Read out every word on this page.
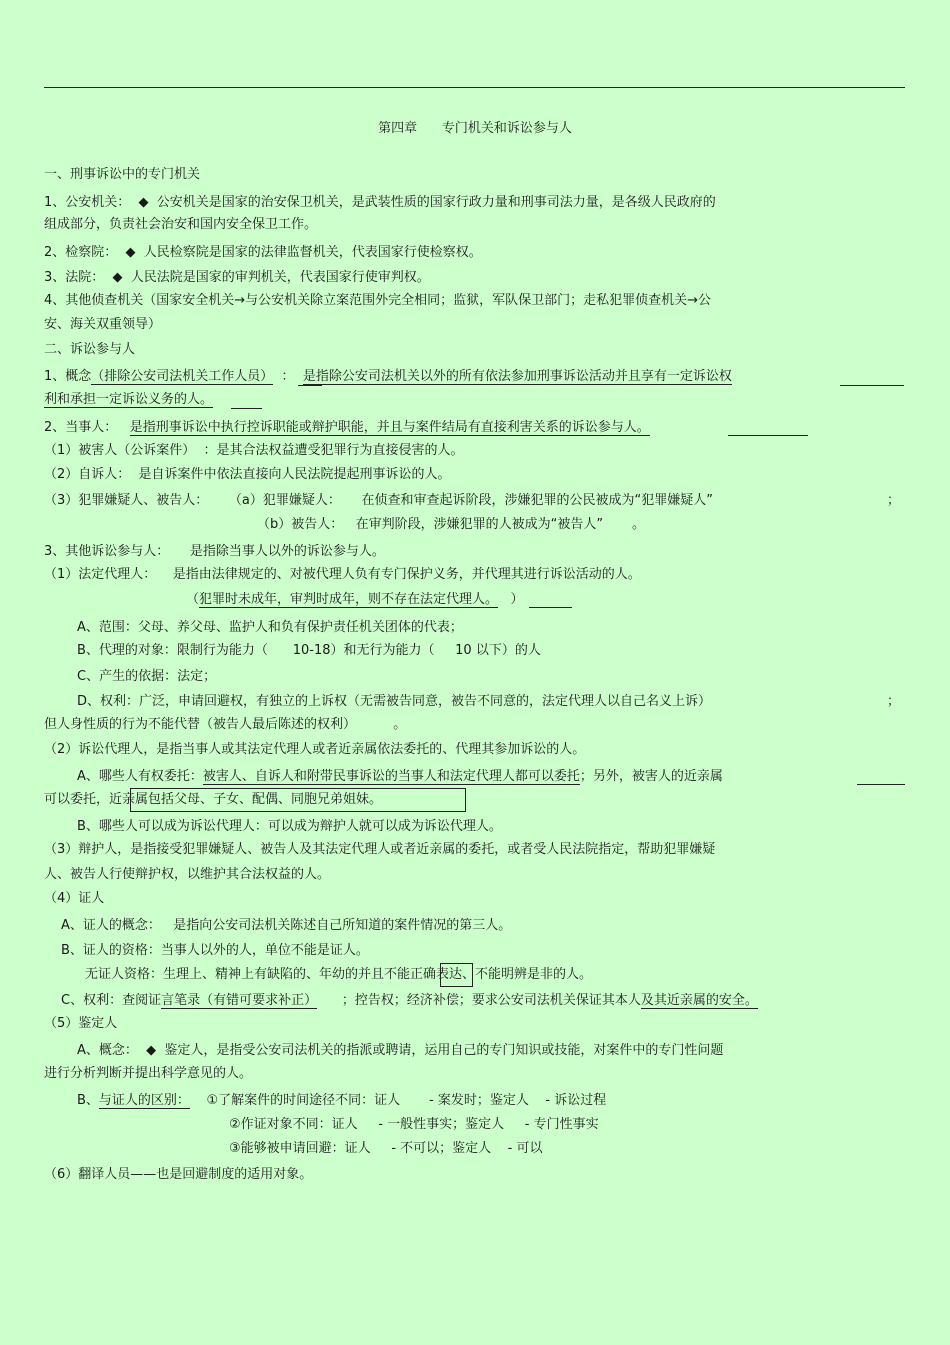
第四章      专门机关和诉讼参与人
一、刑事诉讼中的专门机关
1、公安机关：  ◆  公安机关是国家的治安保卫机关，是武装性质的国家行政力量和刑事司法力量，是各级人民政府的
组成部分，负责社会治安和国内安全保卫工作。
2、检察院：  ◆  人民检察院是国家的法律监督机关，代表国家行使检察权。
3、法院：  ◆  人民法院是国家的审判机关，代表国家行使审判权。
4、其他侦查机关（国家安全机关→与公安机关除立案范围外完全相同；监狱，军队保卫部门；走私犯罪侦查机关→公
安、海关双重领导）
二、诉讼参与人
1、概念（排除公安司法机关工作人员）  ： 是指除公安司法机关以外的所有依法参加刑事诉讼活动并且享有一定诉讼权
利和承担一定诉讼义务的人。
2、当事人： 是指刑事诉讼中执行控诉职能或辩护职能，并且与案件结局有直接利害关系的诉讼参与人。
（1）被害人（公诉案件）  ：是其合法权益遭受犯罪行为直接侵害的人。
（2）自诉人：  是自诉案件中依法直接向人民法院提起刑事诉讼的人。
（3）犯罪嫌疑人、被告人：     （a）犯罪嫌疑人：     在侦查和审查起诉阶段，涉嫌犯罪的公民被成为“犯罪嫌疑人”	；
（b）被告人：   在审判阶段，涉嫌犯罪的人被成为“被告人”       。
3、其他诉讼参与人：     是指除当事人以外的诉讼参与人。
（1）法定代理人：    是指由法律规定的、对被代理人负有专门保护义务，并代理其进行诉讼活动的人。
（犯罪时未成年，审判时成年，则不存在法定代理人。 ）
A、范围：父母、养父母、监护人和负有保护责任机关团体的代表；
B、代理的对象：限制行为能力（      10-18）和无行为能力（     10 以下）的人
C、产生的依据：法定；
D、权利：广泛，申请回避权，有独立的上诉权（无需被告同意，被告不同意的，法定代理人以自己名义上诉）	；
但人身性质的行为不能代替（被告人最后陈述的权利）         。
（2）诉讼代理人，是指当事人或其法定代理人或者近亲属依法委托的、代理其参加诉讼的人。
A、哪些人有权委托：被害人、自诉人和附带民事诉讼的当事人和法定代理人都可以委托；另外，被害人的近亲属
可以委托，近亲属包括父母、子女、配偶、同胞兄弟姐妹。
B、哪些人可以成为诉讼代理人：可以成为辩护人就可以成为诉讼代理人。
（3）辩护人，是指接受犯罪嫌疑人、被告人及其法定代理人或者近亲属的委托，或者受人民法院指定，帮助犯罪嫌疑
人、被告人行使辩护权，以维护其合法权益的人。
（4）证人
A、证人的概念：   是指向公安司法机关陈述自己所知道的案件情况的第三人。
B、证人的资格：当事人以外的人，单位不能是证人。
无证人资格：生理上、精神上有缺陷的、年幼的并且不能正确表达、不能明辨是非的人。
C、权利：查阅证言笔录（有错可要求补正）      ；控告权；经济补偿；要求公安司法机关保证其本人及其近亲属的安全。
（5）鉴定人
A、概念：  ◆  鉴定人，是指受公安司法机关的指派或聘请，运用自己的专门知识或技能，对案件中的专门性问题
进行分析判断并提出科学意见的人。
B、与证人的区别：    ①了解案件的时间途径不同：证人       - 案发时；鉴定人    - 诉讼过程
②作证对象不同：证人     - 一般性事实；鉴定人     - 专门性事实
③能够被申请回避：证人     - 不可以；鉴定人    - 可以
（6）翻译人员——也是回避制度的适用对象。
